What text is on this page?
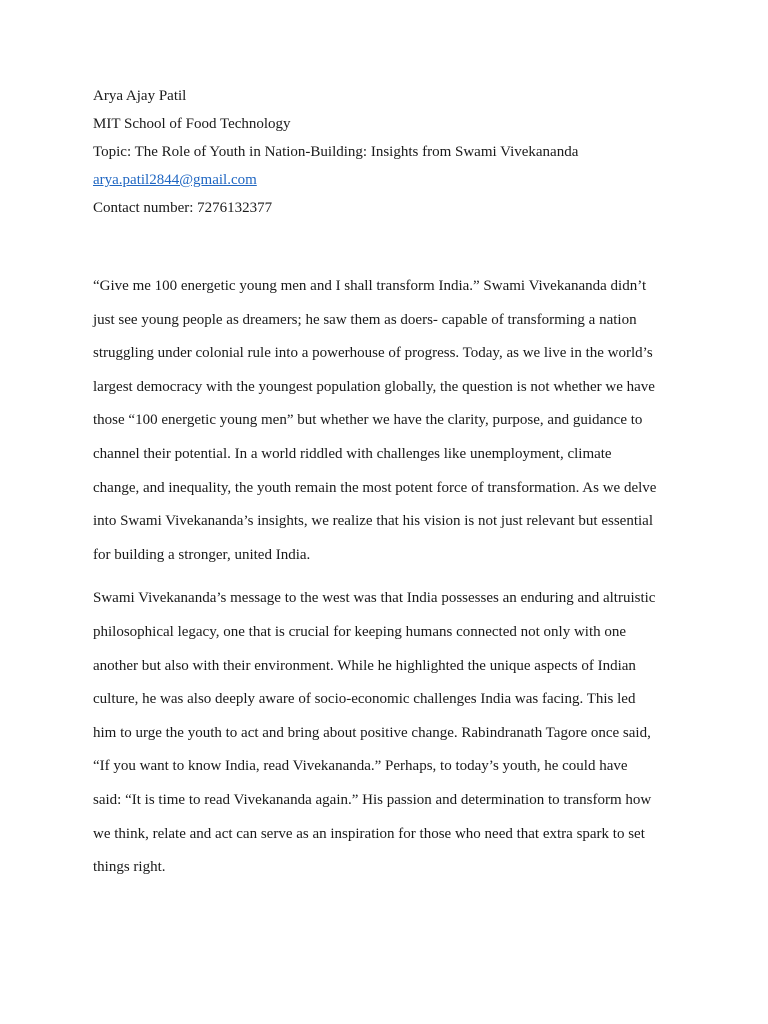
Arya Ajay Patil
MIT School of Food Technology
Topic: The Role of Youth in Nation-Building: Insights from Swami Vivekananda
arya.patil2844@gmail.com
Contact number: 7276132377
“Give me 100 energetic young men and I shall transform India.” Swami Vivekananda didn’t
just see young people as dreamers; he saw them as doers- capable of transforming a nation
struggling under colonial rule into a powerhouse of progress. Today, as we live in the world’s
largest democracy with the youngest population globally, the question is not whether we have
those “100 energetic young men” but whether we have the clarity, purpose, and guidance to
channel their potential. In a world riddled with challenges like unemployment, climate
change, and inequality, the youth remain the most potent force of transformation. As we delve
into Swami Vivekananda’s insights, we realize that his vision is not just relevant but essential
for building a stronger, united India.
Swami Vivekananda’s message to the west was that India possesses an enduring and altruistic
philosophical legacy, one that is crucial for keeping humans connected not only with one
another but also with their environment. While he highlighted the unique aspects of Indian
culture, he was also deeply aware of socio-economic challenges India was facing. This led
him to urge the youth to act and bring about positive change. Rabindranath Tagore once said,
“If you want to know India, read Vivekananda.” Perhaps, to today’s youth, he could have
said: “It is time to read Vivekananda again.” His passion and determination to transform how
we think, relate and act can serve as an inspiration for those who need that extra spark to set
things right.
